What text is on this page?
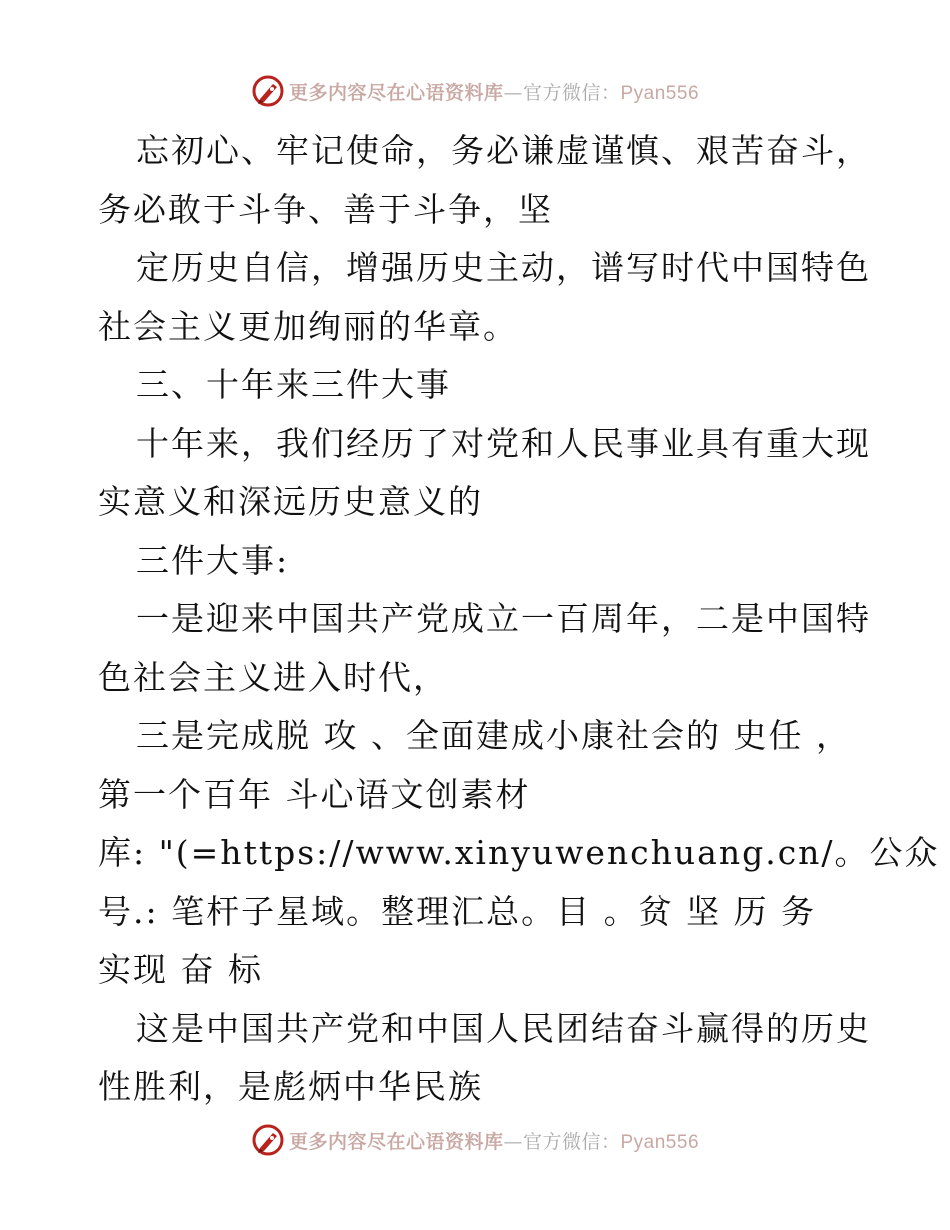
更多内容尽在心语资料库—官方微信：Pyan556
忘初心、牢记使命，务必谦虚谨慎、艰苦奋斗，
务必敢于斗争、善于斗争，坚
定历史自信，增强历史主动，谱写时代中国特色
社会主义更加绚丽的华章。
三、十年来三件大事
十年来，我们经历了对党和人民事业具有重大现
实意义和深远历史意义的
三件大事:
一是迎来中国共产党成立一百周年，二是中国特
色社会主义进入时代，
三是完成脱 攻 、全面建成小康社会的 史任 ，
第一个百年 斗心语文创素材
库: "(=https://www.xinyuwenchuang.cn/。公众
号.: 笔杆子星域。整理汇总。目 。贫 坚 历 务
实现 奋 标
这是中国共产党和中国人民团结奋斗赢得的历史
性胜利，是彪炳中华民族
更多内容尽在心语资料库—官方微信：Pyan556
